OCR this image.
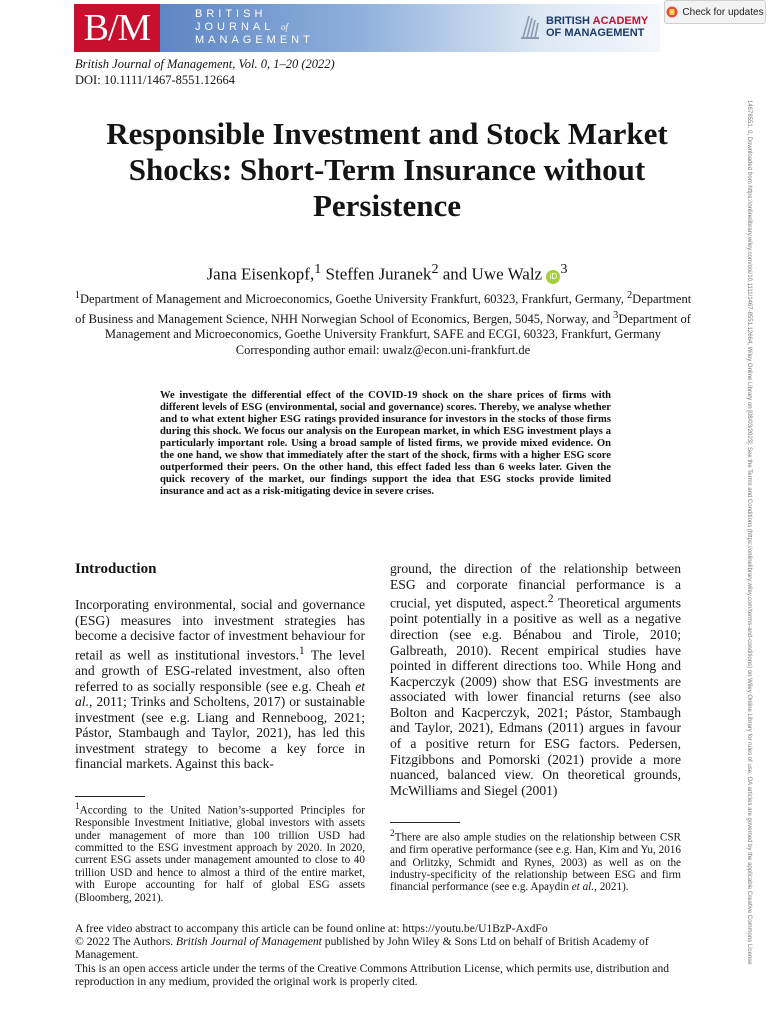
B/M	BRITISH
JOURNAL of
MANAGEMENT
BRITISH ACADEMY
OF MANAGEMENT
Check for updates
British Journal of Management, Vol. 0, 1–20 (2022)
DOI: 10.1111/1467-8551.12664
Responsible Investment and Stock Market Shocks: Short-Term Insurance without Persistence
Jana Eisenkopf,$^1$ Steffen Juranek$^2$ and Uwe Walz iD $^3$
$^1$Department of Management and Microeconomics, Goethe University Frankfurt, 60323, Frankfurt, Germany, $^2$Department of Business and Management Science, NHH Norwegian School of Economics, Bergen, 5045, Norway, and $^3$Department of Management and Microeconomics, Goethe University Frankfurt, SAFE and ECGI, 60323, Frankfurt, Germany
Corresponding author email: uwalz@econ.uni-frankfurt.de

We investigate the differential effect of the COVID-19 shock on the share prices of firms with different levels of ESG (environmental, social and governance) scores. Thereby, we analyse whether and to what extent higher ESG ratings provided insurance for investors in the stocks of those firms during this shock. We focus our analysis on the European market, in which ESG investment plays a particularly important role. Using a broad sample of listed firms, we provide mixed evidence. On the one hand, we show that immediately after the start of the shock, firms with a higher ESG score outperformed their peers. On the other hand, this effect faded less than 6 weeks later. Given the quick recovery of the market, our findings support the idea that ESG stocks provide limited insurance and act as a risk-mitigating device in severe crises.

Introduction

Incorporating environmental, social and governance (ESG) measures into investment strategies has become a decisive factor of investment behaviour for retail as well as institutional investors.$^1$ The level and growth of ESG-related investment, also often referred to as socially responsible (see e.g. Cheah et al., 2011; Trinks and Scholtens, 2017) or sustainable investment (see e.g. Liang and Renneboog, 2021; Pástor, Stambaugh and Taylor, 2021), has led this investment strategy to become a key force in financial markets. Against this back-

ground, the direction of the relationship between ESG and corporate financial performance is a crucial, yet disputed, aspect.$^2$ Theoretical arguments point potentially in a positive as well as a negative direction (see e.g. Bénabou and Tirole, 2010; Galbreath, 2010). Recent empirical studies have pointed in different directions too. While Hong and Kacperczyk (2009) show that ESG investments are associated with lower financial returns (see also Bolton and Kacperczyk, 2021; Pástor, Stambaugh and Taylor, 2021), Edmans (2011) argues in favour of a positive return for ESG factors. Pedersen, Fitzgibbons and Pomorski (2021) provide a more nuanced, balanced view. On theoretical grounds, McWilliams and Siegel (2001)

$^1$According to the United Nation’s-supported Principles for Responsible Investment Initiative, global investors with assets under management of more than 100 trillion USD had committed to the ESG investment approach by 2020. In 2020, current ESG assets under management amounted to close to 40 trillion USD and hence to almost a third of the entire market, with Europe accounting for half of global ESG assets (Bloomberg, 2021).

$^2$There are also ample studies on the relationship between CSR and firm operative performance (see e.g. Han, Kim and Yu, 2016 and Orlitzky, Schmidt and Rynes, 2003) as well as on the industry-specificity of the relationship between ESG and firm financial performance (see e.g. Apaydin et al., 2021).

A free video abstract to accompany this article can be found online at: https://youtu.be/U1BzP-AxdFo

© 2022 The Authors. British Journal of Management published by John Wiley & Sons Ltd on behalf of British Academy of Management.

This is an open access article under the terms of the Creative Commons Attribution License, which permits use, distribution and reproduction in any medium, provided the original work is properly cited.

14678551, 0, Downloaded from https://onlinelibrary.wiley.com/doi/10.1111/1467-8551.12664, Wiley Online Library on [08/03/2023]. See the Terms and Conditions (https://onlinelibrary.wiley.com/terms-and-conditions) on Wiley Online Library for rules of use; OA articles are governed by the applicable Creative Commons License
